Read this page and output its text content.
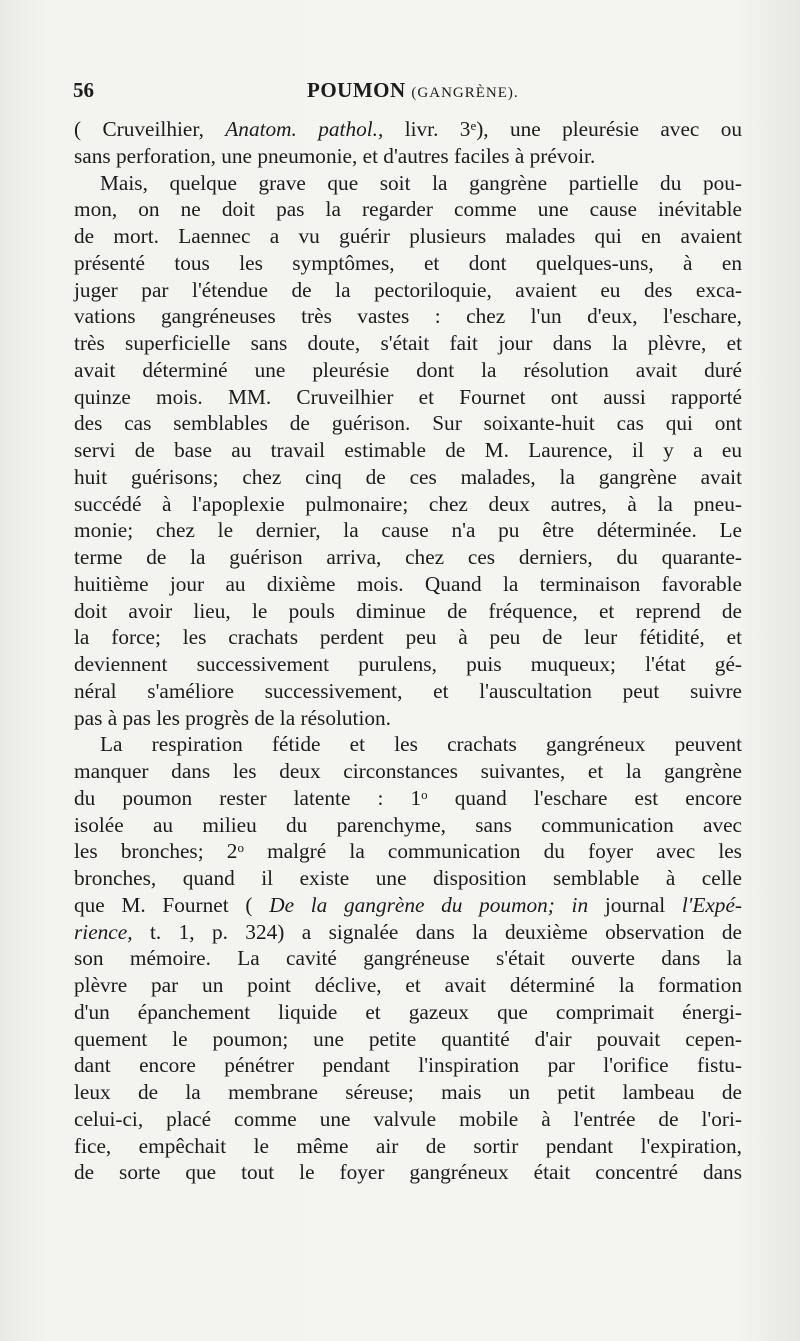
56	POUMON (GANGRÈNE).
( Cruveilhier, Anatom. pathol., livr. 3e), une pleurésie avec ou
sans perforation, une pneumonie, et d'autres faciles à prévoir.
Mais, quelque grave que soit la gangrène partielle du pou-
mon, on ne doit pas la regarder comme une cause inévitable
de mort. Laennec a vu guérir plusieurs malades qui en avaient
présenté tous les symptômes, et dont quelques-uns, à en
juger par l'étendue de la pectoriloquie, avaient eu des exca-
vations gangréneuses très vastes : chez l'un d'eux, l'eschare,
très superficielle sans doute, s'était fait jour dans la plèvre, et
avait déterminé une pleurésie dont la résolution avait duré
quinze mois. MM. Cruveilhier et Fournet ont aussi rapporté
des cas semblables de guérison. Sur soixante-huit cas qui ont
servi de base au travail estimable de M. Laurence, il y a eu
huit guérisons; chez cinq de ces malades, la gangrène avait
succédé à l'apoplexie pulmonaire; chez deux autres, à la pneu-
monie; chez le dernier, la cause n'a pu être déterminée. Le
terme de la guérison arriva, chez ces derniers, du quarante-
huitième jour au dixième mois. Quand la terminaison favorable
doit avoir lieu, le pouls diminue de fréquence, et reprend de
la force; les crachats perdent peu à peu de leur fétidité, et
deviennent successivement purulens, puis muqueux; l'état gé-
néral s'améliore successivement, et l'auscultation peut suivre
pas à pas les progrès de la résolution.
La respiration fétide et les crachats gangréneux peuvent
manquer dans les deux circonstances suivantes, et la gangrène
du poumon rester latente : 1$^o$ quand l'eschare est encore
isolée au milieu du parenchyme, sans communication avec
les bronches; 2$^o$ malgré la communication du foyer avec les
bronches, quand il existe une disposition semblable à celle
que M. Fournet ( De la gangrène du poumon; in journal l'Expé-
rience, t. 1, p. 324) a signalée dans la deuxième observation de
son mémoire. La cavité gangréneuse s'était ouverte dans la
plèvre par un point déclive, et avait déterminé la formation
d'un épanchement liquide et gazeux que comprimait énergi-
quement le poumon; une petite quantité d'air pouvait cepen-
dant encore pénétrer pendant l'inspiration par l'orifice fistu-
leux de la membrane séreuse; mais un petit lambeau de
celui-ci, placé comme une valvule mobile à l'entrée de l'ori-
fice, empêchait le même air de sortir pendant l'expiration,
de sorte que tout le foyer gangréneux était concentré dans
